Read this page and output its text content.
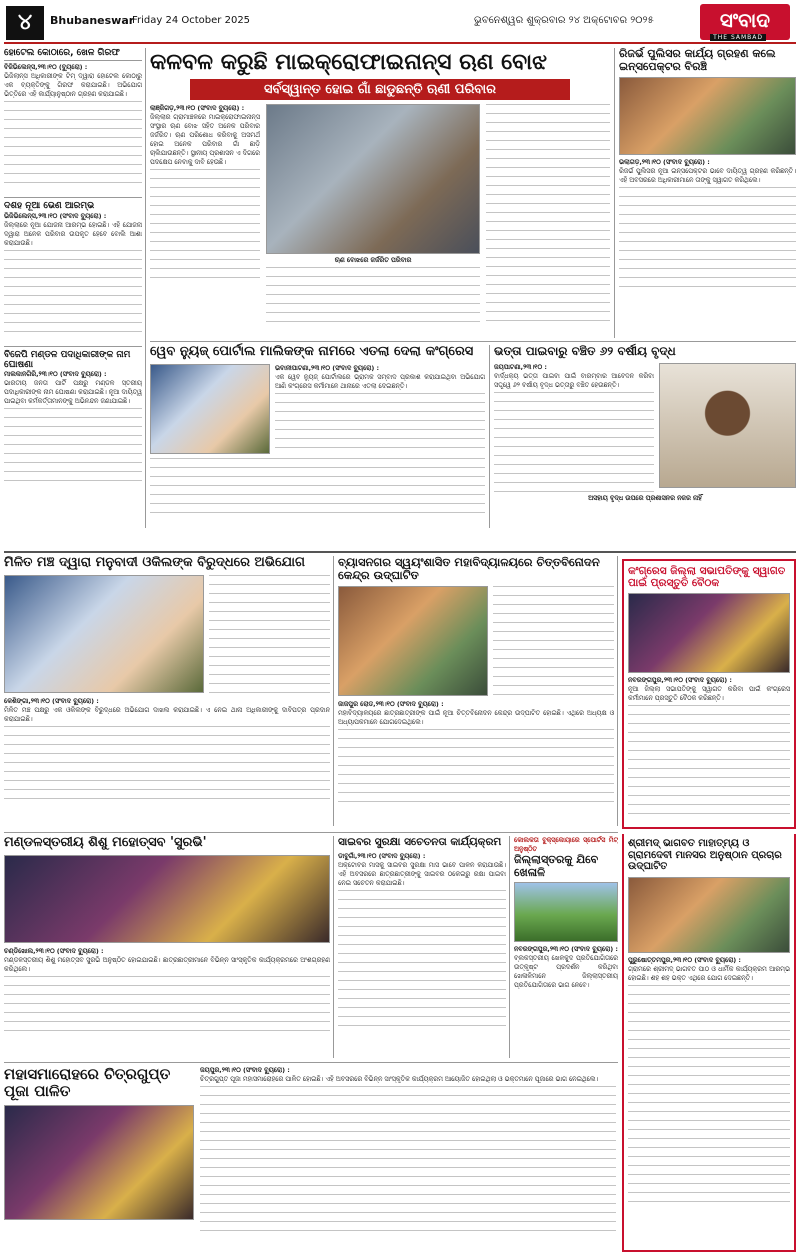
୪	Bhubaneswar
Friday 24 October 2025	ଭୁବନେଶ୍ୱର ଶୁକ୍ରବାର ୨୪ ଅକ୍ଟୋବର ୨୦୨୫	ସଂବାଦ
THE SAMBAD
ହୋଟେଲ କୋଠାରେ, ଖେଳ ଗିରଫ
ବିଜିଭିଲେନ୍ସ,୨୩।୧୦ (ବ୍ୟୁରୋ) :
ଭିଜିଲାନ୍ସ ଅଧିକାରୀଙ୍କ ଟିମ୍ ଦ୍ୱାରା ହୋଟେଲ କୋଠାରୁ ଏକ ବ୍ୟକ୍ତିଙ୍କୁ ଗିରଫ କରାଯାଇଛି। ଅଭିଯୋଗ ଭିତ୍ତିରେ ଏହି କାର୍ଯ୍ୟାନୁଷ୍ଠାନ ଗ୍ରହଣ କରାଯାଇଛି।
ଦଶହ ନୂଆ ଭେଣ ଆରମ୍ଭ
ଭିଜିଭିଲେନ୍ସ,୨୩।୧୦ (ସଂବାଦ ବ୍ୟୁରୋ) :
ଜିଲ୍ଲାରେ ନୂଆ ଯୋଜନା ଆରମ୍ଭ ହୋଇଛି। ଏହି ଯୋଜନା ଦ୍ୱାରା ଅନେକ ପରିବାର ଉପକୃତ ହେବେ ବୋଲି ଆଶା କରାଯାଉଛି।
ବିଜେପି ମଣ୍ଡଳ ପଦାଧିକାରୀଙ୍କ ନାମ ଘୋଷଣା
ମାଲକାନଗିରି,୨୩।୧୦ (ସଂବାଦ ବ୍ୟୁରୋ) :
ଭାରତୀୟ ଜନତା ପାର୍ଟି ପକ୍ଷରୁ ମଣ୍ଡଳ ସ୍ତରୀୟ ପଦାଧିକାରୀଙ୍କ ନାମ ଘୋଷଣା କରାଯାଇଛି। ନୂଆ ଦାୟିତ୍ୱ ପାଇଥିବା କର୍ମକର୍ତ୍ତାମାନଙ୍କୁ ଅଭିନନ୍ଦନ ଜଣାଯାଇଛି।
କଳବଳ କରୁଛି ମାଇକ୍ରୋଫାଇନାନ୍ସ ଋଣ ବୋଝ
ସର୍ବସ୍ୱାନ୍ତ ହୋଇ ଗାଁ ଛାଡୁଛନ୍ତି ଋଣୀ ପରିବାର
ଲାଞ୍ଜିଗଡ଼,୨୩।୧୦ (ସଂବାଦ ବ୍ୟୁରୋ) :
ଜିଲ୍ଲାର ଗ୍ରାମାଞ୍ଚଳରେ ମାଇକ୍ରୋଫାଇନାନ୍ସ ସଂସ୍ଥାର ଋଣ ବୋଝ ସହିତ ଅନେକ ପରିବାର ଜର୍ଜରିତ। ଋଣ ପରିଶୋଧ କରିବାକୁ ଅସମର୍ଥ ହୋଇ ଅନେକ ପରିବାର ଗାଁ ଛାଡ଼ି ଚାଲିଯାଉଛନ୍ତି। ସ୍ଥାନୀୟ ପ୍ରଶାସନ ଏ ଦିଗରେ ପଦକ୍ଷେପ ନେବାକୁ ଦାବି ହେଉଛି।
ଋଣ ବୋଝରେ ଜର୍ଜରିତ ପରିବାର
ରିଜର୍ଭ ପୁଲିସର କାର୍ଯ୍ୟ ଗ୍ରହଣ କଲେ ଇନ୍‌ସପେକ୍ଟର ବିରଞ୍ଚି
ଭଲାଗଡ଼,୨୩।୧୦ (ସଂବାଦ ବ୍ୟୁରୋ) :
ରିଜର୍ଭ ପୁଲିସର ନୂଆ ଇନ୍‌ସପେକ୍ଟର ଭାବେ ଦାୟିତ୍ୱ ଗ୍ରହଣ କରିଛନ୍ତି। ଏହି ଅବସରରେ ଅଧିକାରୀମାନେ ତାଙ୍କୁ ସ୍ୱାଗତ କରିଥିଲେ।
ୱେବ ନ୍ୟୁଜ୍ ପୋର୍ଟାଲ ମାଲିକଙ୍କ ନାମରେ ଏତଲା ଦେଲା କଂଗ୍ରେସ
ଭବାନୀପାଟଣା,୨୩।୧୦ (ସଂବାଦ ବ୍ୟୁରୋ) :
ଏକ ୱେବ ନ୍ୟୁଜ୍ ପୋର୍ଟାଲରେ ଭ୍ରାମକ ସମ୍ବାଦ ପ୍ରକାଶ କରାଯାଇଥିବା ଅଭିଯୋଗ ଆଣି କଂଗ୍ରେସ କର୍ମୀମାନେ ଥାନାରେ ଏତଲା ଦେଇଛନ୍ତି।
ଭତ୍ତା ପାଇବାରୁ ବଞ୍ଚିତ ୬୨ ବର୍ଷୀୟ ବୃଦ୍ଧ
ଜୟପାଟଣା,୨୩।୧୦ :
ବାର୍ଦ୍ଧକ୍ୟ ଭତ୍ତା ପାଇବା ପାଇଁ ବାରମ୍ବାର ଆବେଦନ କରିବା ସତ୍ତ୍ୱେ ୬୨ ବର୍ଷୀୟ ବୃଦ୍ଧ ଭତ୍ତାରୁ ବଞ୍ଚିତ ହେଉଛନ୍ତି।
ଅସହାୟ ବୃଦ୍ଧ ଉପରେ ପ୍ରଶାସନର ନଜର ନାହିଁ
ମିଳିତ ମଞ୍ଚ ଦ୍ୱାରା ମନୁବାଦୀ ଓକିଲଙ୍କ ବିରୁଦ୍ଧରେ ଅଭିଯୋଗ
କେଶିଙ୍ଗା,୨୩।୧୦ (ସଂବାଦ ବ୍ୟୁରୋ) :
ମିଳିତ ମଞ୍ଚ ପକ୍ଷରୁ ଏକ ଓକିଲଙ୍କ ବିରୁଦ୍ଧରେ ଅଭିଯୋଗ ଦାଖଲ କରାଯାଇଛି। ଏ ନେଇ ଥାନା ଅଧିକାରୀଙ୍କୁ ଦାବିପତ୍ର ପ୍ରଦାନ କରାଯାଇଛି।
ବ୍ୟାସନଗର ସ୍ୱୟଂଶାସିତ ମହାବିଦ୍ୟାଳୟରେ ଚିତ୍ତବିନୋଦନ କେନ୍ଦ୍ର ଉଦ୍‌ଘାଟିତ
ଜାଜପୁର ରୋଡ,୨୩।୧୦ (ସଂବାଦ ବ୍ୟୁରୋ) :
ମହାବିଦ୍ୟାଳୟରେ ଛାତ୍ରଛାତ୍ରୀଙ୍କ ପାଇଁ ନୂଆ ଚିତ୍ତବିନୋଦନ କେନ୍ଦ୍ର ଉଦ୍‌ଘାଟିତ ହୋଇଛି। ଏଥିରେ ଅଧ୍ୟକ୍ଷ ଓ ଅଧ୍ୟାପକମାନେ ଯୋଗଦେଇଥିଲେ।
କଂଗ୍ରେସ ଜିଲ୍ଲା ସଭାପତିଙ୍କୁ ସ୍ୱାଗତ ପାଇଁ ପ୍ରସ୍ତୁତି ବୈଠକ
ନବରଙ୍ଗପୁର,୨୩।୧୦ (ସଂବାଦ ବ୍ୟୁରୋ) :
ନୂଆ ଜିଲ୍ଲା ସଭାପତିଙ୍କୁ ସ୍ୱାଗତ କରିବା ପାଇଁ କଂଗ୍ରେସ କର୍ମୀମାନେ ପ୍ରସ୍ତୁତି ବୈଠକ କରିଛନ୍ତି।
ମଣ୍ଡଳସ୍ତରୀୟ ଶିଶୁ ମହୋତ୍ସବ 'ସୁରଭି'
ଚଣ୍ଡିଖୋଲ,୨୩।୧୦ (ସଂବାଦ ବ୍ୟୁରୋ) :
ମଣ୍ଡଳସ୍ତରୀୟ ଶିଶୁ ମହୋତ୍ସବ ସୁରଭି ଅନୁଷ୍ଠିତ ହୋଇଯାଇଛି। ଛାତ୍ରଛାତ୍ରୀମାନେ ବିଭିନ୍ନ ସାଂସ୍କୃତିକ କାର୍ଯ୍ୟକ୍ରମରେ ଅଂଶଗ୍ରହଣ କରିଥିଲେ।
ସାଇବର ସୁରକ୍ଷା ସଚେତନତା କାର୍ଯ୍ୟକ୍ରମ
ଡାବୁଗାଁ,୨୩।୧୦ (ସଂବାଦ ବ୍ୟୁରୋ) :
ଅକ୍ଟୋବର ମାସକୁ ସାଇବର ସୁରକ୍ଷା ମାସ ଭାବେ ପାଳନ କରାଯାଉଛି। ଏହି ଅବସରରେ ଛାତ୍ରଛାତ୍ରୀଙ୍କୁ ସାଇବର ଠକେଇରୁ ରକ୍ଷା ପାଇବା ନେଇ ସଚେତନ କରାଯାଇଛି।
କୋଲକତା ବୁକ୍‌ସ୍କୋୟାରେ ସ୍ପୋର୍ଟସ ମିଟ୍ ଅନୁଷ୍ଠିତ
ଜିଲ୍ଲାସ୍ତରକୁ ଯିବେ ଖେଳାଳି
ନବରଙ୍ଗପୁର,୨୩।୧୦ (ସଂବାଦ ବ୍ୟୁରୋ) :
ବ୍ଲକସ୍ତରୀୟ ଖେଳକୁଦ ପ୍ରତିଯୋଗିତାରେ ଉତ୍କୃଷ୍ଟ ପ୍ରଦର୍ଶନ କରିଥିବା ଖେଳାଳିମାନେ ଜିଲ୍ଲାସ୍ତରୀୟ ପ୍ରତିଯୋଗିତାରେ ଭାଗ ନେବେ।
ଶ୍ରୀମଦ୍ ଭାଗବତ ମାହାତ୍ମ୍ୟ ଓ ଗ୍ରାମଦେବୀ ମାନସର ଅନୁଷ୍ଠାନ ପ୍ରଚାର ଉଦ୍‌ଘାଟିତ
ପୁରୁଷୋତ୍ତମପୁର,୨୩।୧୦ (ସଂବାଦ ବ୍ୟୁରୋ) :
ଗ୍ରାମରେ ଶ୍ରୀମଦ୍ ଭାଗବତ ପାଠ ଓ ଧାର୍ମିକ କାର୍ଯ୍ୟକ୍ରମ ଆରମ୍ଭ ହୋଇଛି। ଶହ ଶହ ଭକ୍ତ ଏଥିରେ ଯୋଗ ଦେଇଛନ୍ତି।
ମହାସମାରୋହରେ ଚିତ୍ରଗୁପ୍ତ ପୂଜା ପାଳିତ
ଜୟପୁର,୨୩।୧୦ (ସଂବାଦ ବ୍ୟୁରୋ) :
ଚିତ୍ରଗୁପ୍ତ ପୂଜା ମହାସମାରୋହରେ ପାଳିତ ହୋଇଛି। ଏହି ଅବସରରେ ବିଭିନ୍ନ ସାଂସ୍କୃତିକ କାର୍ଯ୍ୟକ୍ରମ ଆୟୋଜିତ ହୋଇଥିଲା ଓ ଭକ୍ତମାନେ ପୂଜାରେ ଭାଗ ନେଇଥିଲେ।
